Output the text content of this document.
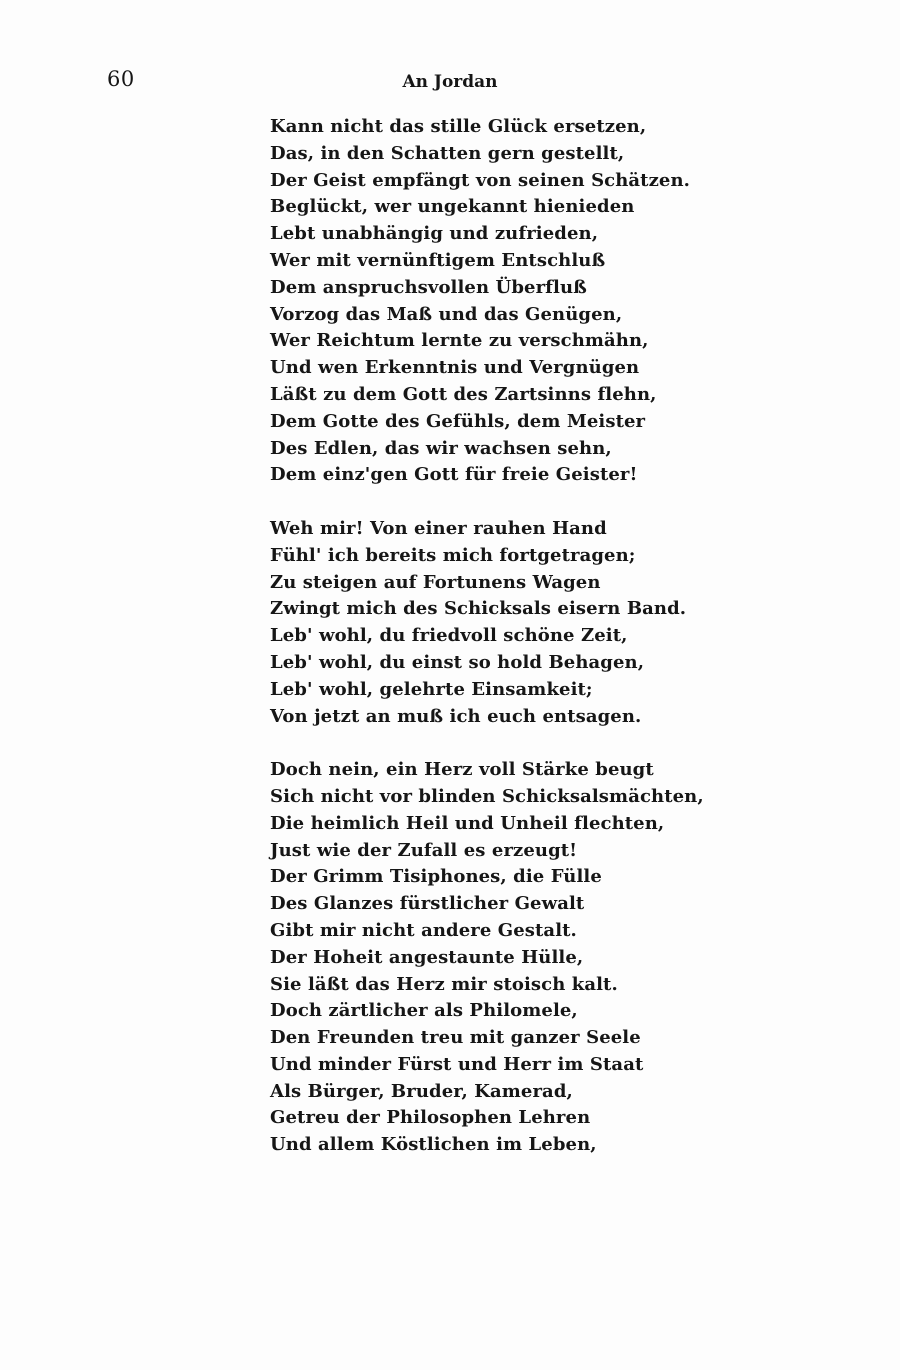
60	An Jordan
Kann nicht das stille Glück ersetzen,
Das, in den Schatten gern gestellt,
Der Geist empfängt von seinen Schätzen.
Beglückt, wer ungekannt hienieden
Lebt unabhängig und zufrieden,
Wer mit vernünftigem Entschluß
Dem anspruchsvollen Überfluß
Vorzog das Maß und das Genügen,
Wer Reichtum lernte zu verschmähn,
Und wen Erkenntnis und Vergnügen
Läßt zu dem Gott des Zartsinns flehn,
Dem Gotte des Gefühls, dem Meister
Des Edlen, das wir wachsen sehn,
Dem einz'gen Gott für freie Geister!
Weh mir! Von einer rauhen Hand
Fühl' ich bereits mich fortgetragen;
Zu steigen auf Fortunens Wagen
Zwingt mich des Schicksals eisern Band.
Leb' wohl, du friedvoll schöne Zeit,
Leb' wohl, du einst so hold Behagen,
Leb' wohl, gelehrte Einsamkeit;
Von jetzt an muß ich euch entsagen.
Doch nein, ein Herz voll Stärke beugt
Sich nicht vor blinden Schicksalsmächten,
Die heimlich Heil und Unheil flechten,
Just wie der Zufall es erzeugt!
Der Grimm Tisiphones, die Fülle
Des Glanzes fürstlicher Gewalt
Gibt mir nicht andere Gestalt.
Der Hoheit angestaunte Hülle,
Sie läßt das Herz mir stoisch kalt.
Doch zärtlicher als Philomele,
Den Freunden treu mit ganzer Seele
Und minder Fürst und Herr im Staat
Als Bürger, Bruder, Kamerad,
Getreu der Philosophen Lehren
Und allem Köstlichen im Leben,
